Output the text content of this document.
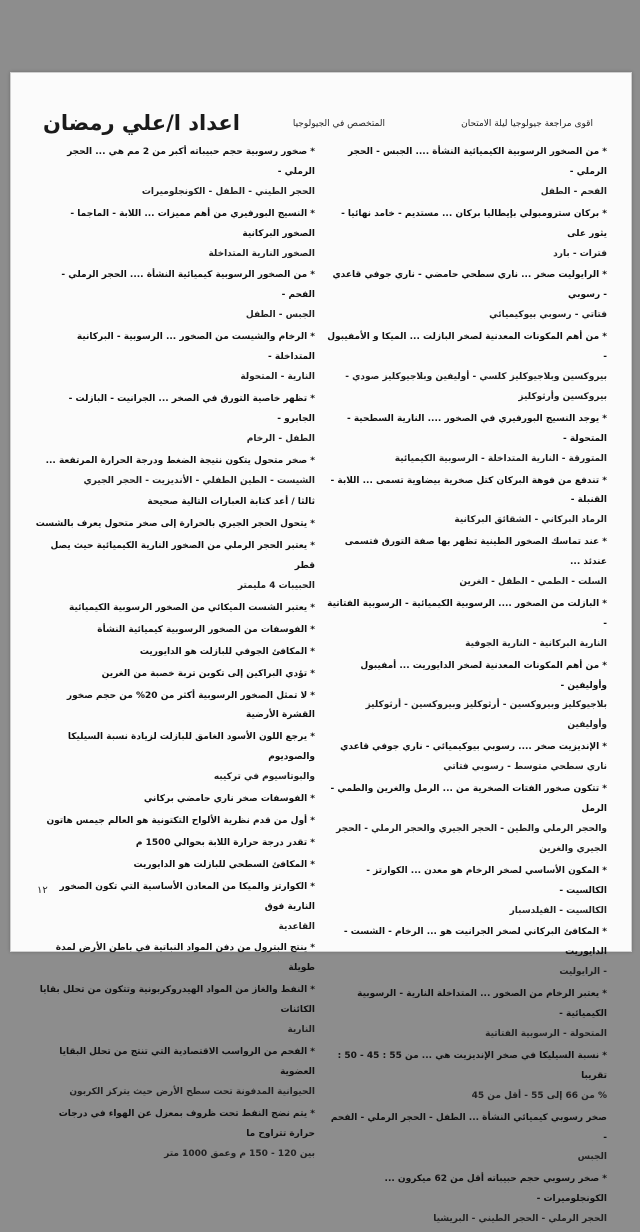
اقوى مراجعة جيولوجيا ليلة الامتحان
المتخصص في الجيولوجيا
اعداد ا/علي رمضان
* من الصخور الرسوبية الكيميائية النشأة .... الجبس - الحجر الرملي -
الفحم - الطفل
* بركان سترومبولي بإيطاليا بركان ... مستديم - خامد نهائيا - يثور على
فترات - بارد
* الرايوليت صخر ... ناري سطحي حامضي - ناري جوفي قاعدي - رسوبي
فتاتي - رسوبي بيوكيميائي
* من أهم المكونات المعدنية لصخر البازلت ... الميكا و الأمفيبول -
بيروكسين وبلاجيوكليز كلسي - أوليفين وبلاجيوكليز صودي - بيروكسين وأرثوكليز
* يوجد النسيج البورفيري في الصخور .... النارية السطحية - المتحولة -
المتورقة - النارية المتداخلة - الرسوبية الكيميائية
* تندفع من فوهة البركان كتل صخرية بيضاوية تسمى ... اللابة - القنبلة -
الرماد البركاني - الشقائق البركانية
* عند تماسك الصخور الطينية تظهر بها صفة التورق فتسمى عندئذ ...
السلت - الطمي - الطفل - الغرين
* البازلت من الصخور .... الرسوبية الكيميائية - الرسوبية الفتاتية -
النارية البركانية - النارية الجوفية
* من أهم المكونات المعدنية لصخر الدايوريت ... أمفيبول وأوليفين -
بلاجيوكليز وبيروكسين - أرثوكليز وبيروكسين - أرثوكليز وأوليفين
* الإنديزيت صخر .... رسوبي بيوكيميائي - ناري جوفي قاعدي
ناري سطحي متوسط - رسوبي فتاتي
* تتكون صخور الفتات الصخرية من ... الرمل والغرين والطمي - الرمل
والحجر الرملي والطين - الحجر الجيري والحجر الرملي - الحجر الجيري والغرين
* المكون الأساسي لصخر الرخام هو معدن ... الكوارتز - الكالسيت -
الكالسيت - الفيلدسبار
* المكافئ البركاني لصخر الجرانيت هو ... الرخام - الشست - الدايوريت
- الرايوليت
* يعتبر الرخام من الصخور ... المتداخلة النارية - الرسوبية الكيميائية -
المتحولة - الرسوبية الفتاتية
* نسبة السيليكا في صخر الإنديزيت هي ... من 55 : 45 - 50 : تقريبا
% من 66 إلى 55 - أقل من 45
صخر رسوبي كيميائي النشأة ... الطفل - الحجر الرملي - الفحم -
الجبس
* صخر رسوبي حجم حبيباته أقل من 62 ميكرون ... الكونجلوميرات -
الحجر الرملي - الحجر الطيني - البريشيا
* صخور رسوبية حجم حبيباته أكبر من 2 مم هي ... الحجر الرملي -
الحجر الطيني - الطفل - الكونجلوميرات
* النسيج البورفيري من أهم مميزات ... اللابة - الماجما - الصخور البركانية
الصخور النارية المتداخلة
* من الصخور الرسوبية كيميائية النشأة .... الحجر الرملي - الفحم -
الجبس - الطفل
* الرخام والشيست من الصخور ... الرسوبية - البركانية المتداخلة -
النارية - المتحولة
* تظهر خاصية التورق في الصخر ... الجرانيت - البازلت - الجابرو -
الطفل - الرخام
* صخر متحول يتكون نتيجة الضغط ودرجة الحرارة المرتفعة ...
الشيست - الطين الطفلي - الأنديزيت - الحجر الجيري
ثالثا / أعد كتابة العبارات التالية صحيحة
* يتحول الحجر الجيري بالحرارة إلى صخر متحول يعرف بالشست
* يعتبر الحجر الرملي من الصخور النارية الكيميائية حيث يصل قطر
الحبيبات 4 مليمتر
* يعتبر الشست الميكائي من الصخور الرسوبية الكيميائية
* الفوسفات من الصخور الرسوبية كيميائية النشأة
* المكافئ الجوفي للبازلت هو الدايوريت
* تؤدي البراكين إلى تكوين تربة خصبة من الغرين
* لا تمثل الصخور الرسوبية أكثر من 20% من حجم صخور القشرة الأرضية
* يرجع اللون الأسود الغامق للبازلت لزيادة نسبة السيليكا والصوديوم
والبوتاسيوم في تركيبه
* الفوسفات صخر ناري حامضي بركاني
* أول من قدم نظرية الألواح التكتونية هو العالم جيمس هاتون
* تقدر درجة حرارة اللابة بحوالي 1500 م
* المكافئ السطحي للبازلت هو الدايوريت
* الكوارتز والميكا من المعادن الأساسية التي تكون الصخور النارية فوق
القاعدية
* ينتج البترول من دفن المواد النباتية في باطن الأرض لمدة طويلة
* النفط والغاز من المواد الهيدروكربونية وتتكون من تحلل بقايا الكائنات
النارية
* الفحم من الرواسب الاقتصادية التي تنتج من تحلل البقايا العضوية
الحيوانية المدفونة تحت سطح الأرض حيث يتركز الكربون
* يتم نضج النفط تحت ظروف بمعزل عن الهواء في درجات حرارة تتراوح ما
بين 120 - 150 م وعمق 1000 متر
١٢
